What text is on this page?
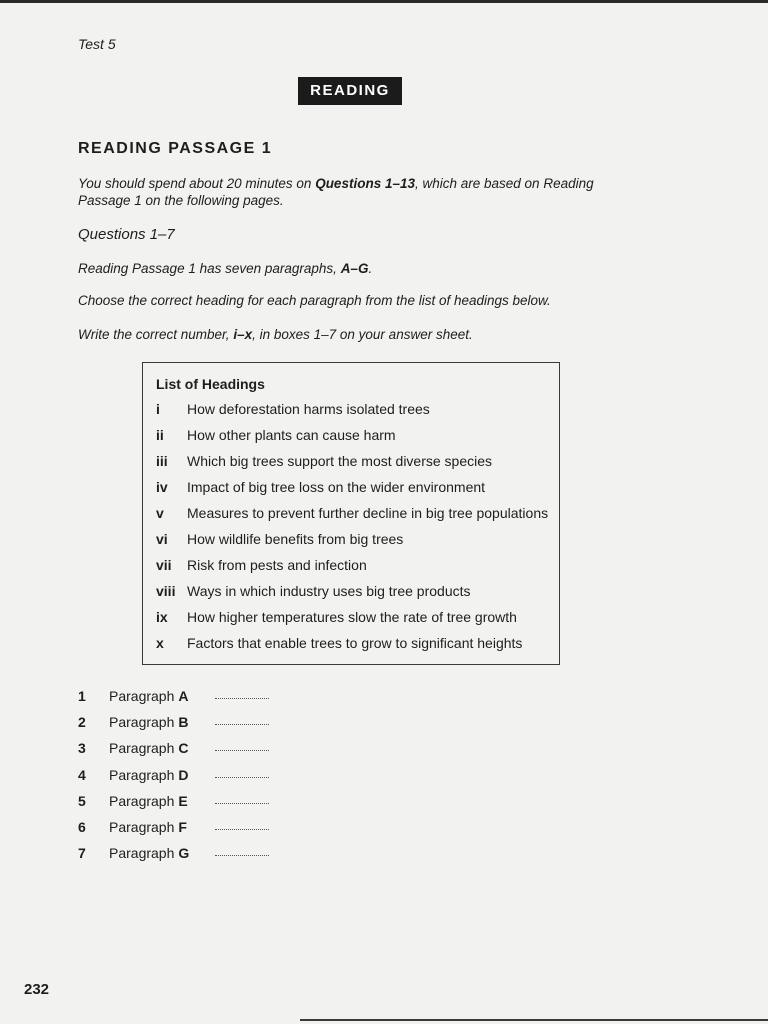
Test 5
READING
READING PASSAGE 1
You should spend about 20 minutes on Questions 1–13, which are based on Reading Passage 1 on the following pages.
Questions 1–7
Reading Passage 1 has seven paragraphs, A–G.
Choose the correct heading for each paragraph from the list of headings below.
Write the correct number, i–x, in boxes 1–7 on your answer sheet.
List of Headings
i How deforestation harms isolated trees
ii How other plants can cause harm
iii Which big trees support the most diverse species
iv Impact of big tree loss on the wider environment
v Measures to prevent further decline in big tree populations
vi How wildlife benefits from big trees
vii Risk from pests and infection
viii Ways in which industry uses big tree products
ix How higher temperatures slow the rate of tree growth
x Factors that enable trees to grow to significant heights
1 Paragraph A
2 Paragraph B
3 Paragraph C
4 Paragraph D
5 Paragraph E
6 Paragraph F
7 Paragraph G
232
